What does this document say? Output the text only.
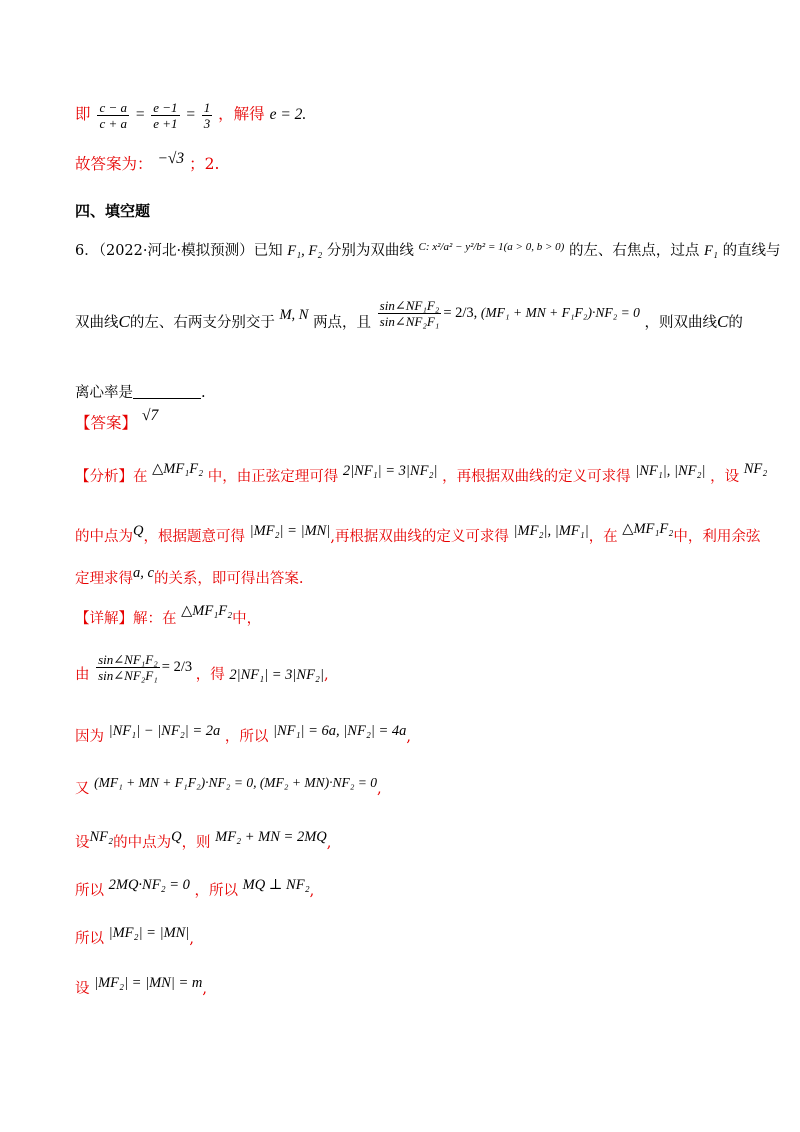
即 $\frac{c - a}{c + a} = \frac{e -1}{e +1} = \frac{1}{3}$ ，解得 e = 2.
故答案为： −√3 ；2.
四、填空题
6．（2022·河北·模拟预测）已知 F₁, F₂ 分别为双曲线 $^{C: x^2/a^2 - y^2/b^2 = 1(a > 0, b > 0)}$ 的左、右焦点，过点 F₁ 的直线与
双曲线C的左、右两支分别交于 M, N 两点，且 $\frac{\text{sin∠NF₁F₂}}{\text{sin∠NF₂F₁}} = 2/3$, (MF₁ + MN + F₁F₂)·NF₂ = 0 ，则双曲线C的
离心率是	.
【答案】 √7
【分析】在 △MF₁F₂ 中，由正弦定理可得 2|NF₁| = 3|NF₂| ，再根据双曲线的定义可求得 |NF₁|, |NF₂| ，设 NF₂
的中点为Q，根据题意可得 |MF₂| = |MN|,再根据双曲线的定义可求得 |MF₂|, |MF₁|，在 △MF₁F₂中，利用余弦
定理求得a, c的关系，即可得出答案.
【详解】解：在 △MF₁F₂中，
由 $\frac{\text{sin∠NF₁F₂}}{\text{sin∠NF₂F₁}} = 2/3$ ，得 2|NF₁| = 3|NF₂|,
因为 |NF₁| − |NF₂| = 2a ，所以 |NF₁| = 6a, |NF₂| = 4a,
又 (MF₁ + MN + F₁F₂)·NF₂ = 0, (MF₂ + MN)·NF₂ = 0,
设NF₂的中点为Q，则 MF₂ + MN = 2MQ,
所以 2MQ·NF₂ = 0 ，所以 MQ ⊥ NF₂,
所以 |MF₂| = |MN|,
设 |MF₂| = |MN| = m,
